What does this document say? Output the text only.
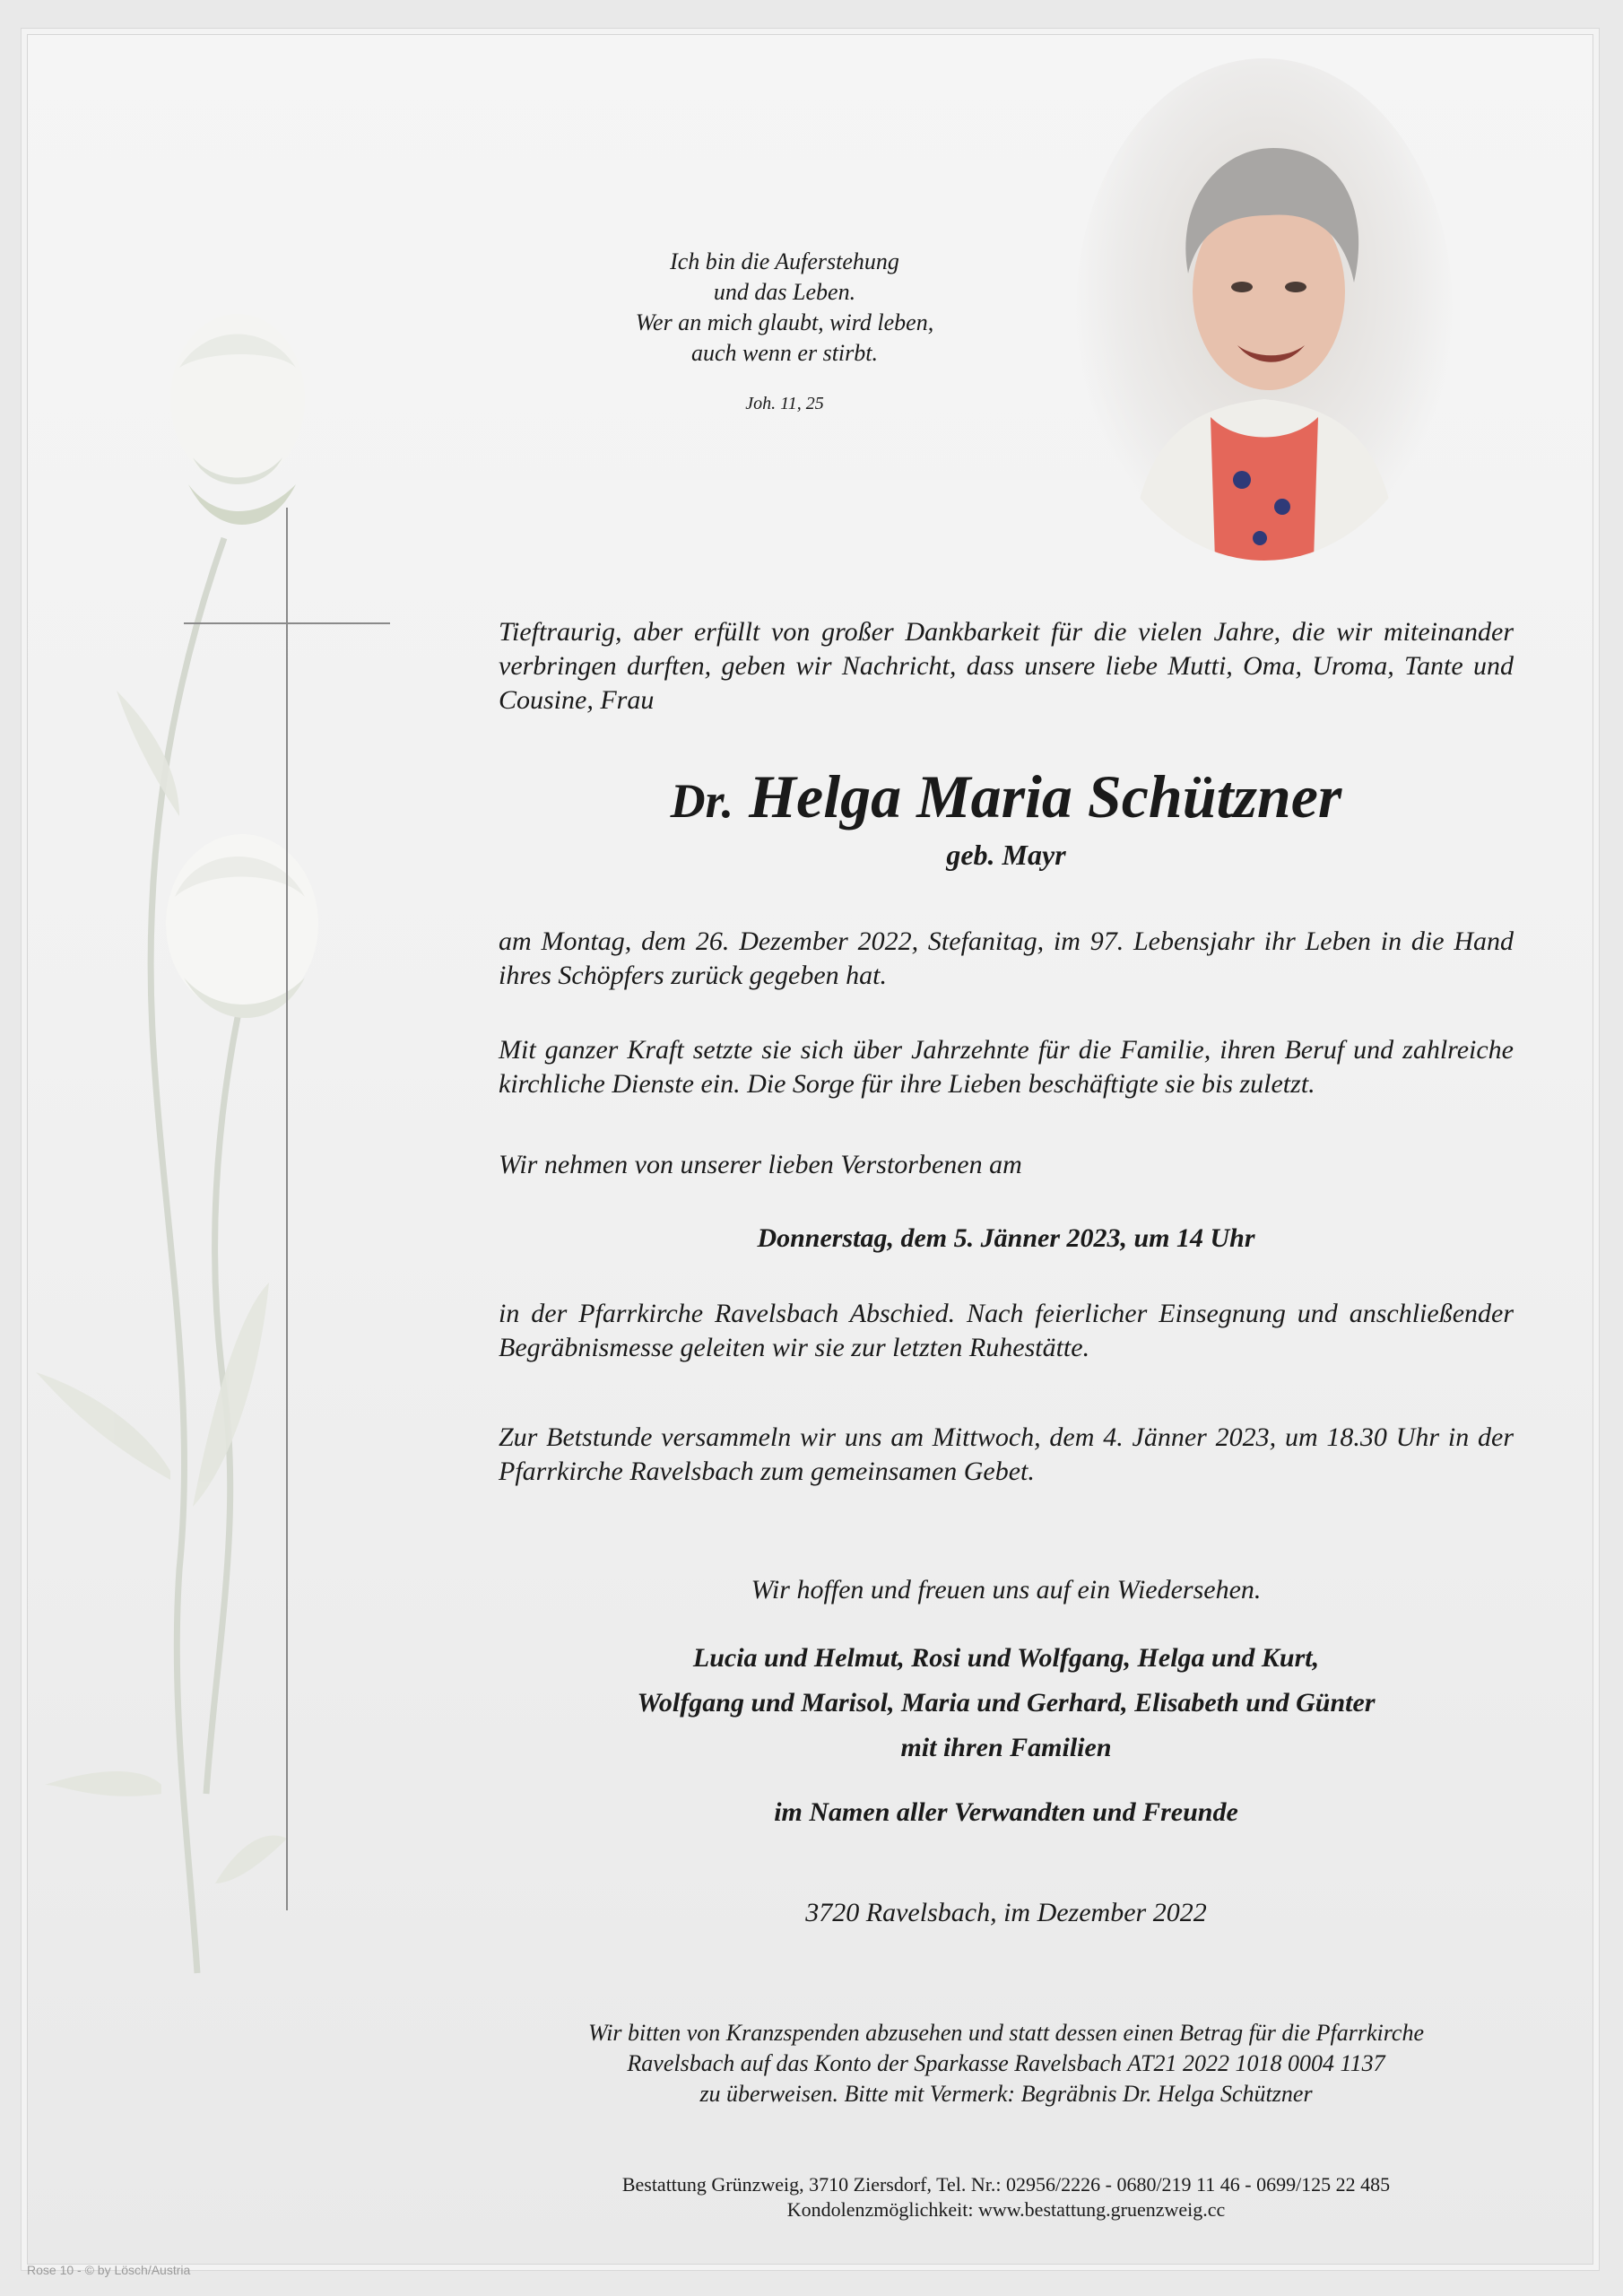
Ich bin die Auferstehung
und das Leben.
Wer an mich glaubt, wird leben,
auch wenn er stirbt.
Joh. 11, 25
Tieftraurig, aber erfüllt von großer Dankbarkeit für die vielen Jahre, die wir miteinander verbringen durften, geben wir Nachricht, dass unsere liebe Mutti, Oma, Uroma, Tante und Cousine, Frau
Dr. Helga Maria Schützner
geb. Mayr
am Montag, dem 26. Dezember 2022, Stefanitag, im 97. Lebensjahr ihr Leben in die Hand ihres Schöpfers zurück gegeben hat.
Mit ganzer Kraft setzte sie sich über Jahrzehnte für die Familie, ihren Beruf und zahlreiche kirchliche Dienste ein. Die Sorge für ihre Lieben beschäftigte sie bis zuletzt.
Wir nehmen von unserer lieben Verstorbenen am
Donnerstag, dem 5. Jänner 2023, um 14 Uhr
in der Pfarrkirche Ravelsbach Abschied. Nach feierlicher Einsegnung und anschließender Begräbnismesse geleiten wir sie zur letzten Ruhestätte.
Zur Betstunde versammeln wir uns am Mittwoch, dem 4. Jänner 2023, um 18.30 Uhr in der Pfarrkirche Ravelsbach zum gemeinsamen Gebet.
Wir hoffen und freuen uns auf ein Wiedersehen.
Lucia und Helmut, Rosi und Wolfgang, Helga und Kurt,
Wolfgang und Marisol, Maria und Gerhard, Elisabeth und Günter
mit ihren Familien
im Namen aller Verwandten und Freunde
3720 Ravelsbach, im Dezember 2022
Wir bitten von Kranzspenden abzusehen und statt dessen einen Betrag für die Pfarrkirche
Ravelsbach auf das Konto der Sparkasse Ravelsbach AT21 2022 1018 0004 1137
zu überweisen. Bitte mit Vermerk: Begräbnis Dr. Helga Schützner
Bestattung Grünzweig, 3710 Ziersdorf, Tel. Nr.: 02956/2226 - 0680/219 11 46 - 0699/125 22 485
Kondolenzmöglichkeit: www.bestattung.gruenzweig.cc
Rose 10 - © by Lösch/Austria
